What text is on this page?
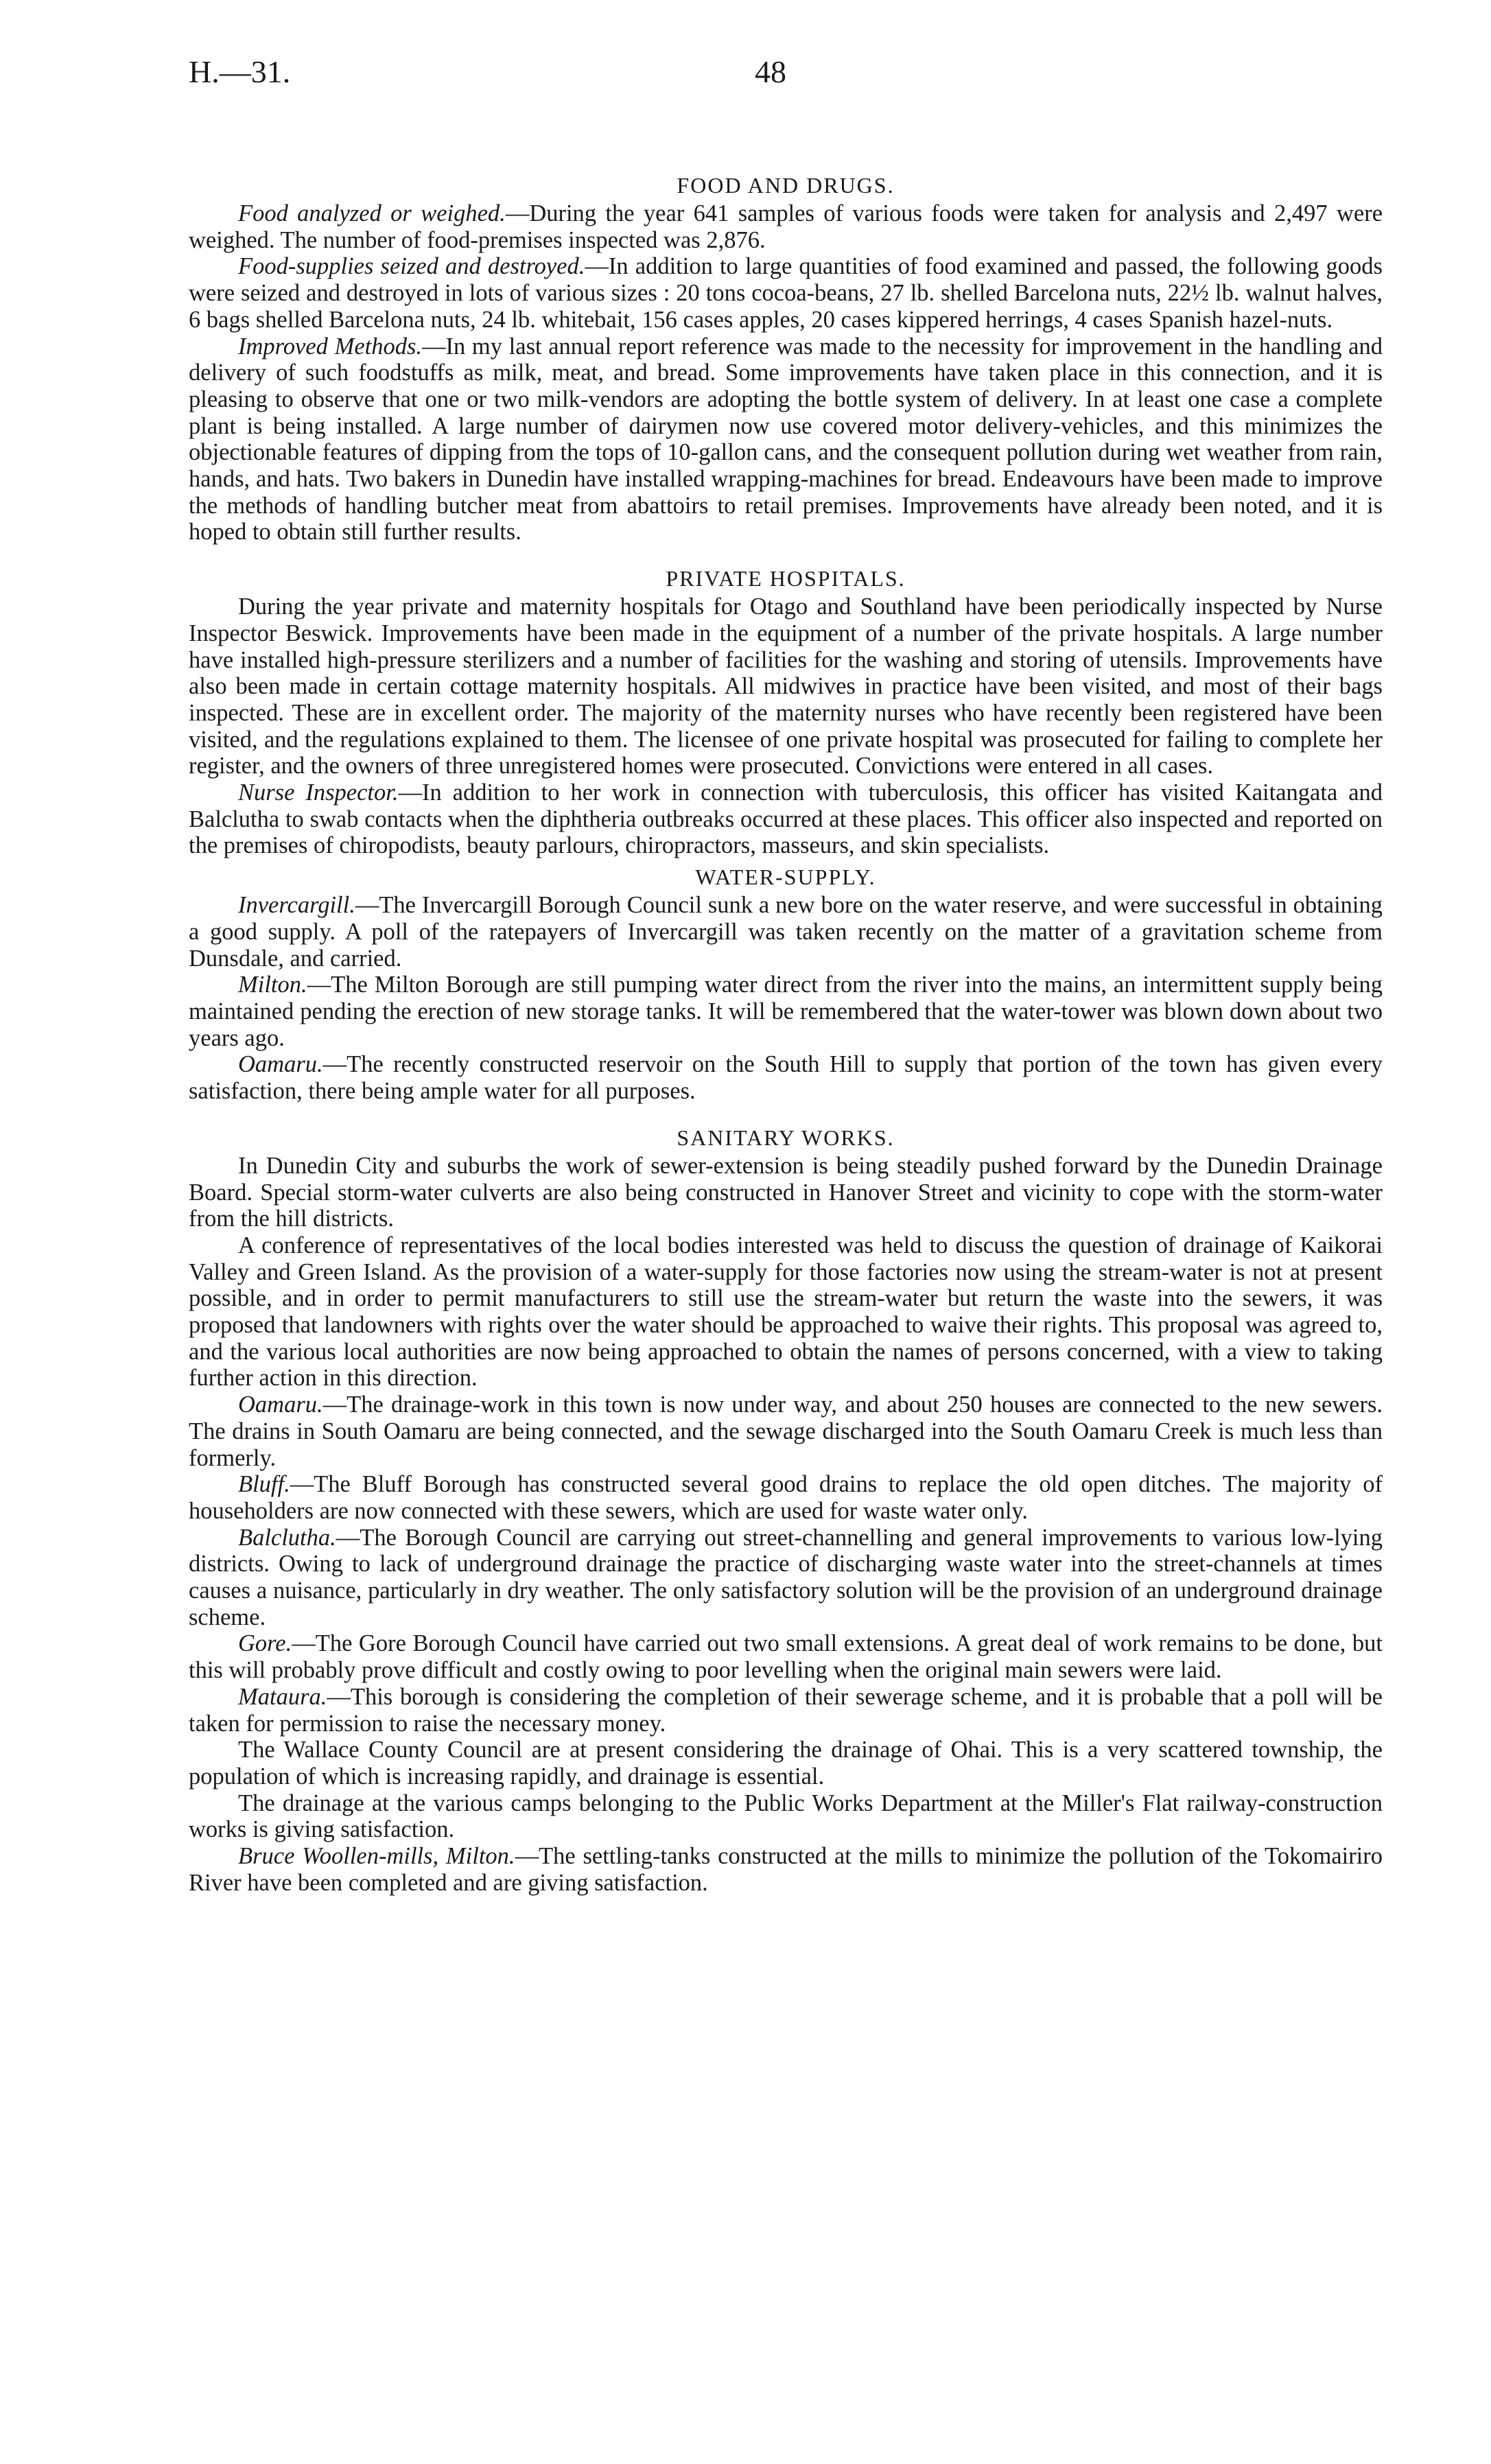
H.—31.	48
FOOD AND DRUGS.

Food analyzed or weighed.—During the year 641 samples of various foods were taken for analysis and 2,497 were weighed. The number of food-premises inspected was 2,876.

Food-supplies seized and destroyed.—In addition to large quantities of food examined and passed, the following goods were seized and destroyed in lots of various sizes : 20 tons cocoa-beans, 27 lb. shelled Barcelona nuts, 22½ lb. walnut halves, 6 bags shelled Barcelona nuts, 24 lb. whitebait, 156 cases apples, 20 cases kippered herrings, 4 cases Spanish hazel-nuts.

Improved Methods.—In my last annual report reference was made to the necessity for improvement in the handling and delivery of such foodstuffs as milk, meat, and bread. Some improvements have taken place in this connection, and it is pleasing to observe that one or two milk-vendors are adopting the bottle system of delivery. In at least one case a complete plant is being installed. A large number of dairymen now use covered motor delivery-vehicles, and this minimizes the objectionable features of dipping from the tops of 10-gallon cans, and the consequent pollution during wet weather from rain, hands, and hats. Two bakers in Dunedin have installed wrapping-machines for bread. Endeavours have been made to improve the methods of handling butcher meat from abattoirs to retail premises. Improvements have already been noted, and it is hoped to obtain still further results.

PRIVATE HOSPITALS.

During the year private and maternity hospitals for Otago and Southland have been periodically inspected by Nurse Inspector Beswick. Improvements have been made in the equipment of a number of the private hospitals. A large number have installed high-pressure sterilizers and a number of facilities for the washing and storing of utensils. Improvements have also been made in certain cottage maternity hospitals. All midwives in practice have been visited, and most of their bags inspected. These are in excellent order. The majority of the maternity nurses who have recently been registered have been visited, and the regulations explained to them. The licensee of one private hospital was prosecuted for failing to complete her register, and the owners of three unregistered homes were prosecuted. Convictions were entered in all cases.

Nurse Inspector.—In addition to her work in connection with tuberculosis, this officer has visited Kaitangata and Balclutha to swab contacts when the diphtheria outbreaks occurred at these places. This officer also inspected and reported on the premises of chiropodists, beauty parlours, chiropractors, masseurs, and skin specialists.

WATER-SUPPLY.

Invercargill.—The Invercargill Borough Council sunk a new bore on the water reserve, and were successful in obtaining a good supply. A poll of the ratepayers of Invercargill was taken recently on the matter of a gravitation scheme from Dunsdale, and carried.

Milton.—The Milton Borough are still pumping water direct from the river into the mains, an intermittent supply being maintained pending the erection of new storage tanks. It will be remembered that the water-tower was blown down about two years ago.

Oamaru.—The recently constructed reservoir on the South Hill to supply that portion of the town has given every satisfaction, there being ample water for all purposes.

SANITARY WORKS.

In Dunedin City and suburbs the work of sewer-extension is being steadily pushed forward by the Dunedin Drainage Board. Special storm-water culverts are also being constructed in Hanover Street and vicinity to cope with the storm-water from the hill districts.

A conference of representatives of the local bodies interested was held to discuss the question of drainage of Kaikorai Valley and Green Island. As the provision of a water-supply for those factories now using the stream-water is not at present possible, and in order to permit manufacturers to still use the stream-water but return the waste into the sewers, it was proposed that landowners with rights over the water should be approached to waive their rights. This proposal was agreed to, and the various local authorities are now being approached to obtain the names of persons concerned, with a view to taking further action in this direction.

Oamaru.—The drainage-work in this town is now under way, and about 250 houses are connected to the new sewers. The drains in South Oamaru are being connected, and the sewage discharged into the South Oamaru Creek is much less than formerly.

Bluff.—The Bluff Borough has constructed several good drains to replace the old open ditches. The majority of householders are now connected with these sewers, which are used for waste water only.

Balclutha.—The Borough Council are carrying out street-channelling and general improvements to various low-lying districts. Owing to lack of underground drainage the practice of discharging waste water into the street-channels at times causes a nuisance, particularly in dry weather. The only satisfactory solution will be the provision of an underground drainage scheme.

Gore.—The Gore Borough Council have carried out two small extensions. A great deal of work remains to be done, but this will probably prove difficult and costly owing to poor levelling when the original main sewers were laid.

Mataura.—This borough is considering the completion of their sewerage scheme, and it is probable that a poll will be taken for permission to raise the necessary money.

The Wallace County Council are at present considering the drainage of Ohai. This is a very scattered township, the population of which is increasing rapidly, and drainage is essential.

The drainage at the various camps belonging to the Public Works Department at the Miller's Flat railway-construction works is giving satisfaction.

Bruce Woollen-mills, Milton.—The settling-tanks constructed at the mills to minimize the pollution of the Tokomairiro River have been completed and are giving satisfaction.
